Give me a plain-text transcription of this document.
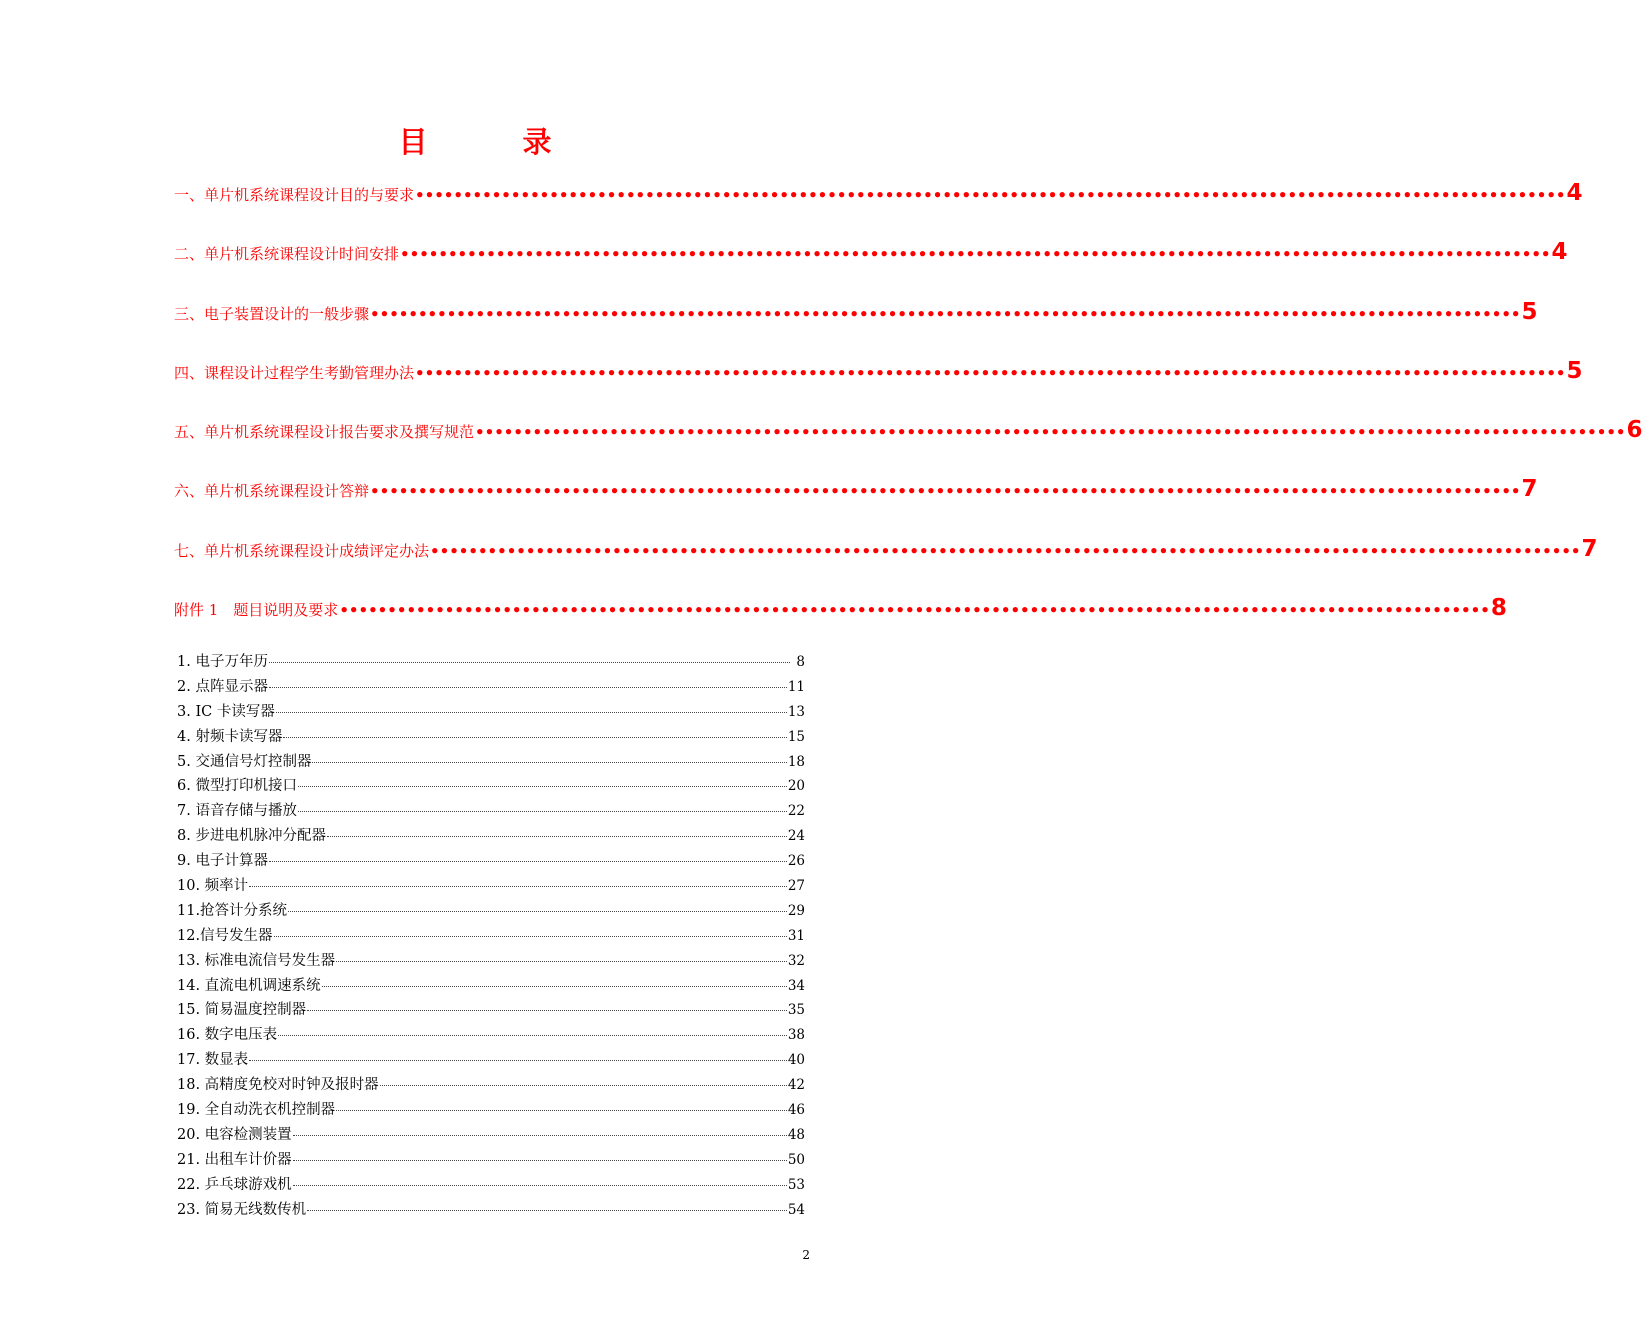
目	录
一、单片机系统课程设计目的与要求 •••••••••••••••••••••••••••••••••••••••••••••••••••••••••••••••••••••••••••••••••••••••••••••••••••••••••••••••••••••••• 4
二、单片机系统课程设计时间安排 •••••••••••••••••••••••••••••••••••••••••••••••••••••••••••••••••••••••••••••••••••••••••••••••••••••••••••••••••••••••• 4
三、电子装置设计的一般步骤 •••••••••••••••••••••••••••••••••••••••••••••••••••••••••••••••••••••••••••••••••••••••••••••••••••••••••••••••••••••••• 5
四、课程设计过程学生考勤管理办法 •••••••••••••••••••••••••••••••••••••••••••••••••••••••••••••••••••••••••••••••••••••••••••••••••••••••••••••••••••••••• 5
五、单片机系统课程设计报告要求及撰写规范 •••••••••••••••••••••••••••••••••••••••••••••••••••••••••••••••••••••••••••••••••••••••••••••••••••••••••••••••••••••••• 6
六、单片机系统课程设计答辩 •••••••••••••••••••••••••••••••••••••••••••••••••••••••••••••••••••••••••••••••••••••••••••••••••••••••••••••••••••••••• 7
七、单片机系统课程设计成绩评定办法 •••••••••••••••••••••••••••••••••••••••••••••••••••••••••••••••••••••••••••••••••••••••••••••••••••••••••••••••••••••••• 7
附件 1　题目说明及要求 •••••••••••••••••••••••••••••••••••••••••••••••••••••••••••••••••••••••••••••••••••••••••••••••••••••••••••••••••••••••• 8
1. 电子万年历	8
2. 点阵显示器	11
3. IC 卡读写器	13
4. 射频卡读写器	15
5. 交通信号灯控制器	18
6. 微型打印机接口	20
7. 语音存储与播放	22
8. 步进电机脉冲分配器	24
9. 电子计算器	26
10. 频率计	27
11.抢答计分系统	29
12.信号发生器	31
13. 标准电流信号发生器	32
14. 直流电机调速系统	34
15. 简易温度控制器	35
16. 数字电压表	38
17. 数显表	40
18. 高精度免校对时钟及报时器	42
19. 全自动洗衣机控制器	46
20. 电容检测装置	48
21. 出租车计价器	50
22. 乒乓球游戏机	53
23. 简易无线数传机	54
2
